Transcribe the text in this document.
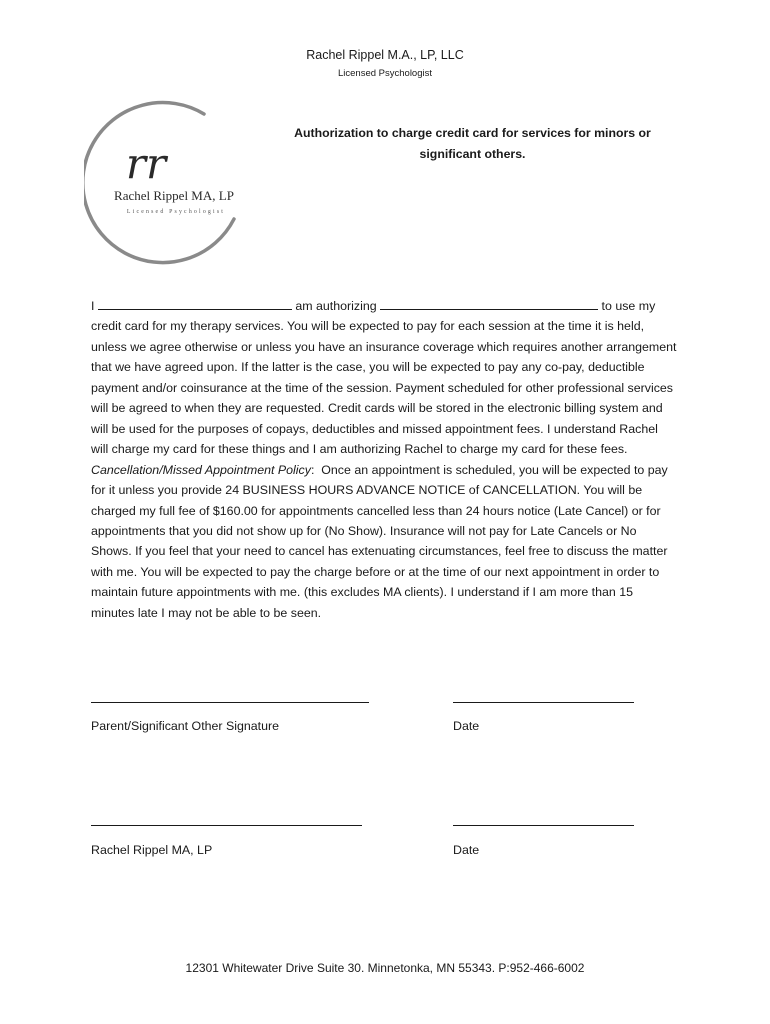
Rachel Rippel M.A., LP, LLC
Licensed Psychologist
rr
Rachel Rippel MA, LP
Licensed Psychologist
Authorization to charge credit card for services for minors or significant others.
I	am authorizing	to use my credit card for my therapy services. You will be expected to pay for each session at the time it is held, unless we agree otherwise or unless you have an insurance coverage which requires another arrangement that we have agreed upon. If the latter is the case, you will be expected to pay any co-pay, deductible payment and/or coinsurance at the time of the session. Payment scheduled for other professional services will be agreed to when they are requested. Credit cards will be stored in the electronic billing system and will be used for the purposes of copays, deductibles and missed appointment fees. I understand Rachel will charge my card for these things and I am authorizing Rachel to charge my card for these fees.  Cancellation/Missed Appointment Policy: Once an appointment is scheduled, you will be expected to pay for it unless you provide 24 BUSINESS HOURS ADVANCE NOTICE of CANCELLATION. You will be charged my full fee of $160.00 for appointments cancelled less than 24 hours notice (Late Cancel) or for appointments that you did not show up for (No Show). Insurance will not pay for Late Cancels or No Shows. If you feel that your need to cancel has extenuating circumstances, feel free to discuss the matter with me. You will be expected to pay the charge before or at the time of our next appointment in order to maintain future appointments with me. (this excludes MA clients). I understand if I am more than 15 minutes late I may not be able to be seen.
Parent/Significant Other Signature	Date
Rachel Rippel MA, LP	Date
12301 Whitewater Drive Suite 30. Minnetonka, MN 55343. P:952-466-6002
